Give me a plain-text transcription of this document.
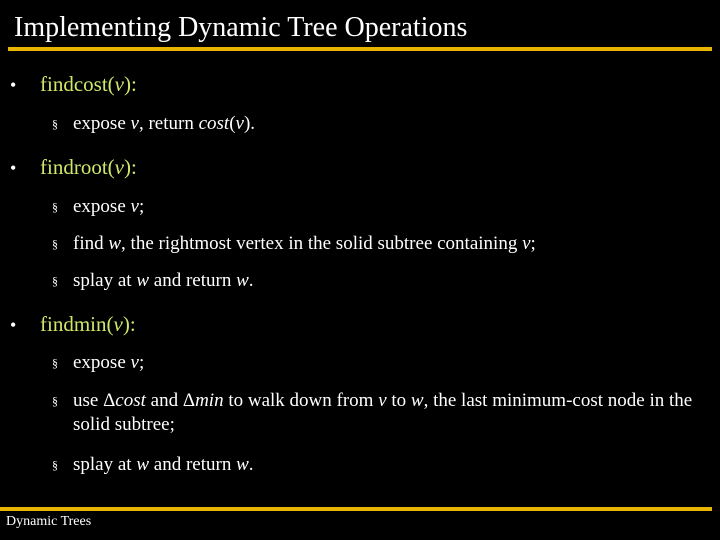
Implementing Dynamic Tree Operations
• findcost(v):
§ expose v, return cost(v).
• findroot(v):
§ expose v;
§ find w, the rightmost vertex in the solid subtree containing v;
§ splay at w and return w.
• findmin(v):
§ expose v;
§ use Δcost and Δmin to walk down from v to w, the last minimum-cost node in the solid subtree;
§ splay at w and return w.
Dynamic Trees
